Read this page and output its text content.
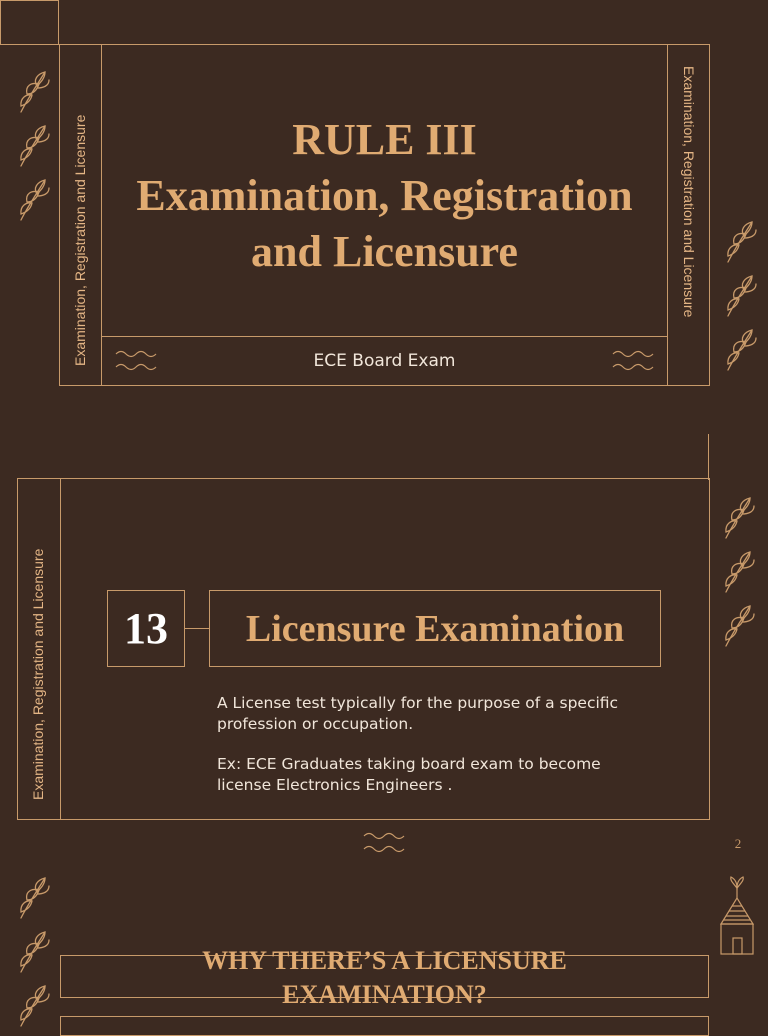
Examination, Registration and Licensure	Examination, Registration and Licensure
RULE III
Examination, Registration
and Licensure
ECE Board Exam
Examination, Registration and Licensure 13 Licensure Examination
A License test typically for the purpose of a specific profession or occupation.
Ex: ECE Graduates taking board exam to become license Electronics Engineers .
2
WHY THERE’S A LICENSURE
EXAMINATION?
